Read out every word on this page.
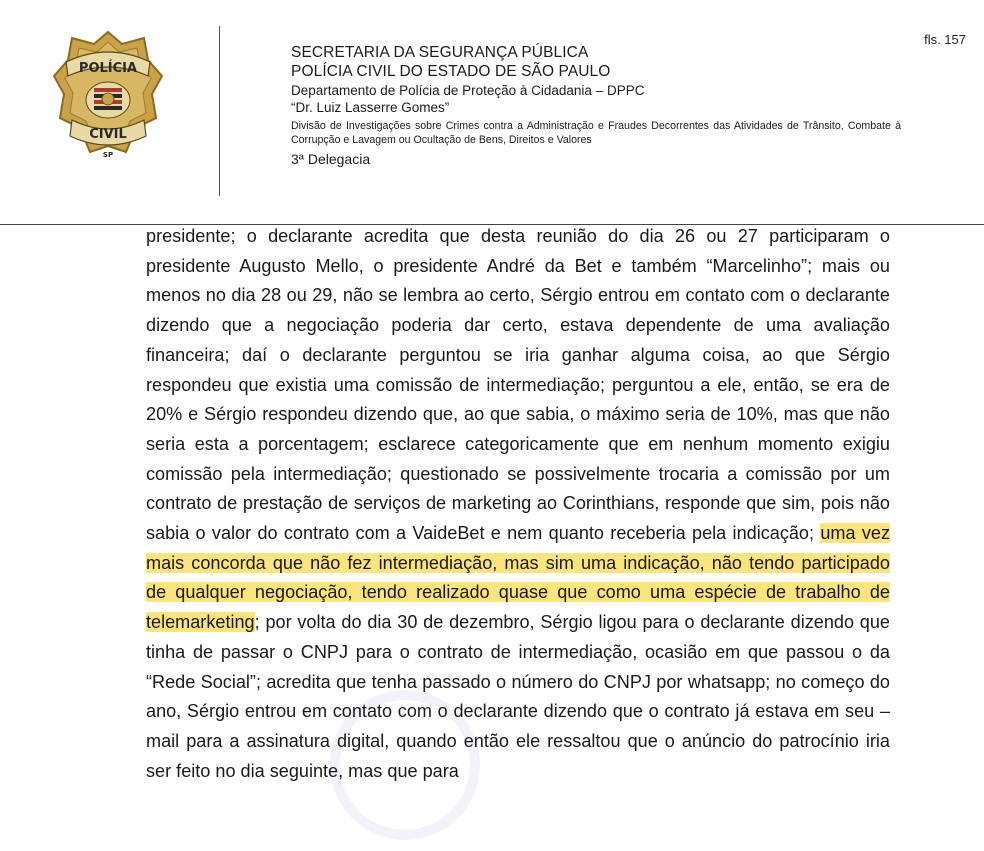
fls. 157
POLÍCIA
CIVIL
SP
SECRETARIA DA SEGURANÇA PÚBLICA
POLÍCIA CIVIL DO ESTADO DE SÃO PAULO
Departamento de Polícia de Proteção à Cidadania – DPPC
“Dr. Luiz Lasserre Gomes”
Divisão de Investigações sobre Crimes contra a Administração e Fraudes Decorrentes das Atividades de Trânsito, Combate à Corrupção e Lavagem ou Ocultação de Bens, Direitos e Valores
3ª Delegacia

presidente; o declarante acredita que desta reunião do dia 26 ou 27 participaram o presidente Augusto Mello, o presidente André da Bet e também “Marcelinho”; mais ou menos no dia 28 ou 29, não se lembra ao certo, Sérgio entrou em contato com o declarante dizendo que a negociação poderia dar certo, estava dependente de uma avaliação financeira; daí o declarante perguntou se iria ganhar alguma coisa, ao que Sérgio respondeu que existia uma comissão de intermediação; perguntou a ele, então, se era de 20% e Sérgio respondeu dizendo que, ao que sabia, o máximo seria de 10%, mas que não seria esta a porcentagem; esclarece categoricamente que em nenhum momento exigiu comissão pela intermediação; questionado se possivelmente trocaria a comissão por um contrato de prestação de serviços de marketing ao Corinthians, responde que sim, pois não sabia o valor do contrato com a VaideBet e nem quanto receberia pela indicação; uma vez mais concorda que não fez intermediação, mas sim uma indicação, não tendo participado de qualquer negociação, tendo realizado quase que como uma espécie de trabalho de telemarketing; por volta do dia 30 de dezembro, Sérgio ligou para o declarante dizendo que tinha de passar o CNPJ para o contrato de intermediação, ocasião em que passou o da “Rede Social”; acredita que tenha passado o número do CNPJ por whatsapp; no começo do ano, Sérgio entrou em contato com o declarante dizendo que o contrato já estava em seu –mail para a assinatura digital, quando então ele ressaltou que o anúncio do patrocínio iria ser feito no dia seguinte, mas que para
